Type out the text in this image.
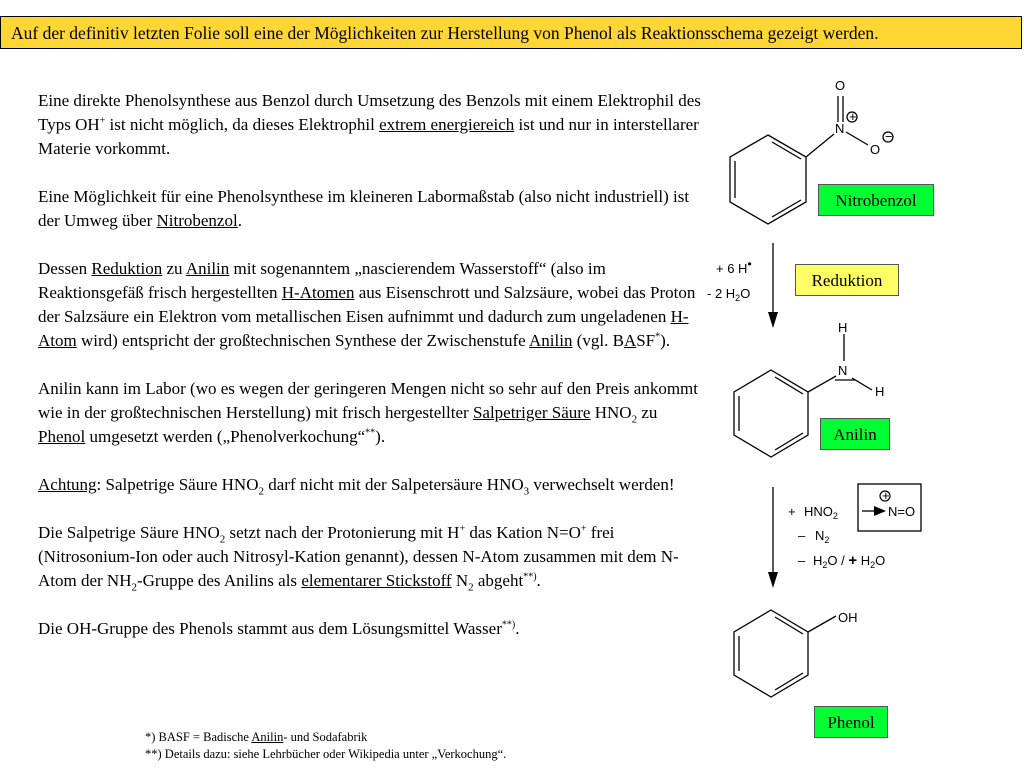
Auf der definitiv letzten Folie soll eine der Möglichkeiten zur Herstellung von Phenol als Reaktionsschema gezeigt werden.

Eine direkte Phenolsynthese aus Benzol durch Umsetzung des Benzols mit einem Elektrophil des Typs OH+ ist nicht möglich, da dieses Elektrophil extrem energiereich ist und nur in interstellarer Materie vorkommt.

Eine Möglichkeit für eine Phenolsynthese im kleineren Labormaßstab (also nicht industriell) ist der Umweg über Nitrobenzol.

Dessen Reduktion zu Anilin mit sogenanntem „nascierendem Wasserstoff“ (also im Reaktionsgefäß frisch hergestellten H-Atomen aus Eisenschrott und Salzsäure, wobei das Proton der Salzsäure ein Elektron vom metallischen Eisen aufnimmt und dadurch zum ungeladenen H-Atom wird) entspricht der großtechnischen Synthese der Zwischenstufe Anilin (vgl. BASF*).

Anilin kann im Labor (wo es wegen der geringeren Mengen nicht so sehr auf den Preis ankommt wie in der großtechnischen Herstellung) mit frisch hergestellter Salpetriger Säure $HNO_2$ zu Phenol umgesetzt werden („Phenolverkochung“**).

Achtung: Salpetrige Säure $HNO_2$ darf nicht mit der Salpetersäure $HNO_3$ verwechselt werden!

Die Salpetrige Säure $HNO_2$ setzt nach der Protonierung mit H+ das Kation N=O+ frei (Nitrosonium-Ion oder auch Nitrosyl-Kation genannt), dessen N-Atom zusammen mit dem N-Atom der $NH_2$-Gruppe des Anilins als elementarer Stickstoff $N_2$ abgeht**).

Die OH-Gruppe des Phenols stammt aus dem Lösungsmittel Wasser**).

*) BASF = Badische Anilin- und Sodafabrik
**) Details dazu: siehe Lehrbücher oder Wikipedia unter „Verkochung“.
O
N
O
+
−
+ 6 H•
- 2 $H_2O$
H
N
H
+ $HNO_2$
+
N=O
– $N_2$
– $H_2O$ / + $H_2O$
OH
Nitrobenzol
Reduktion
Anilin
Phenol
